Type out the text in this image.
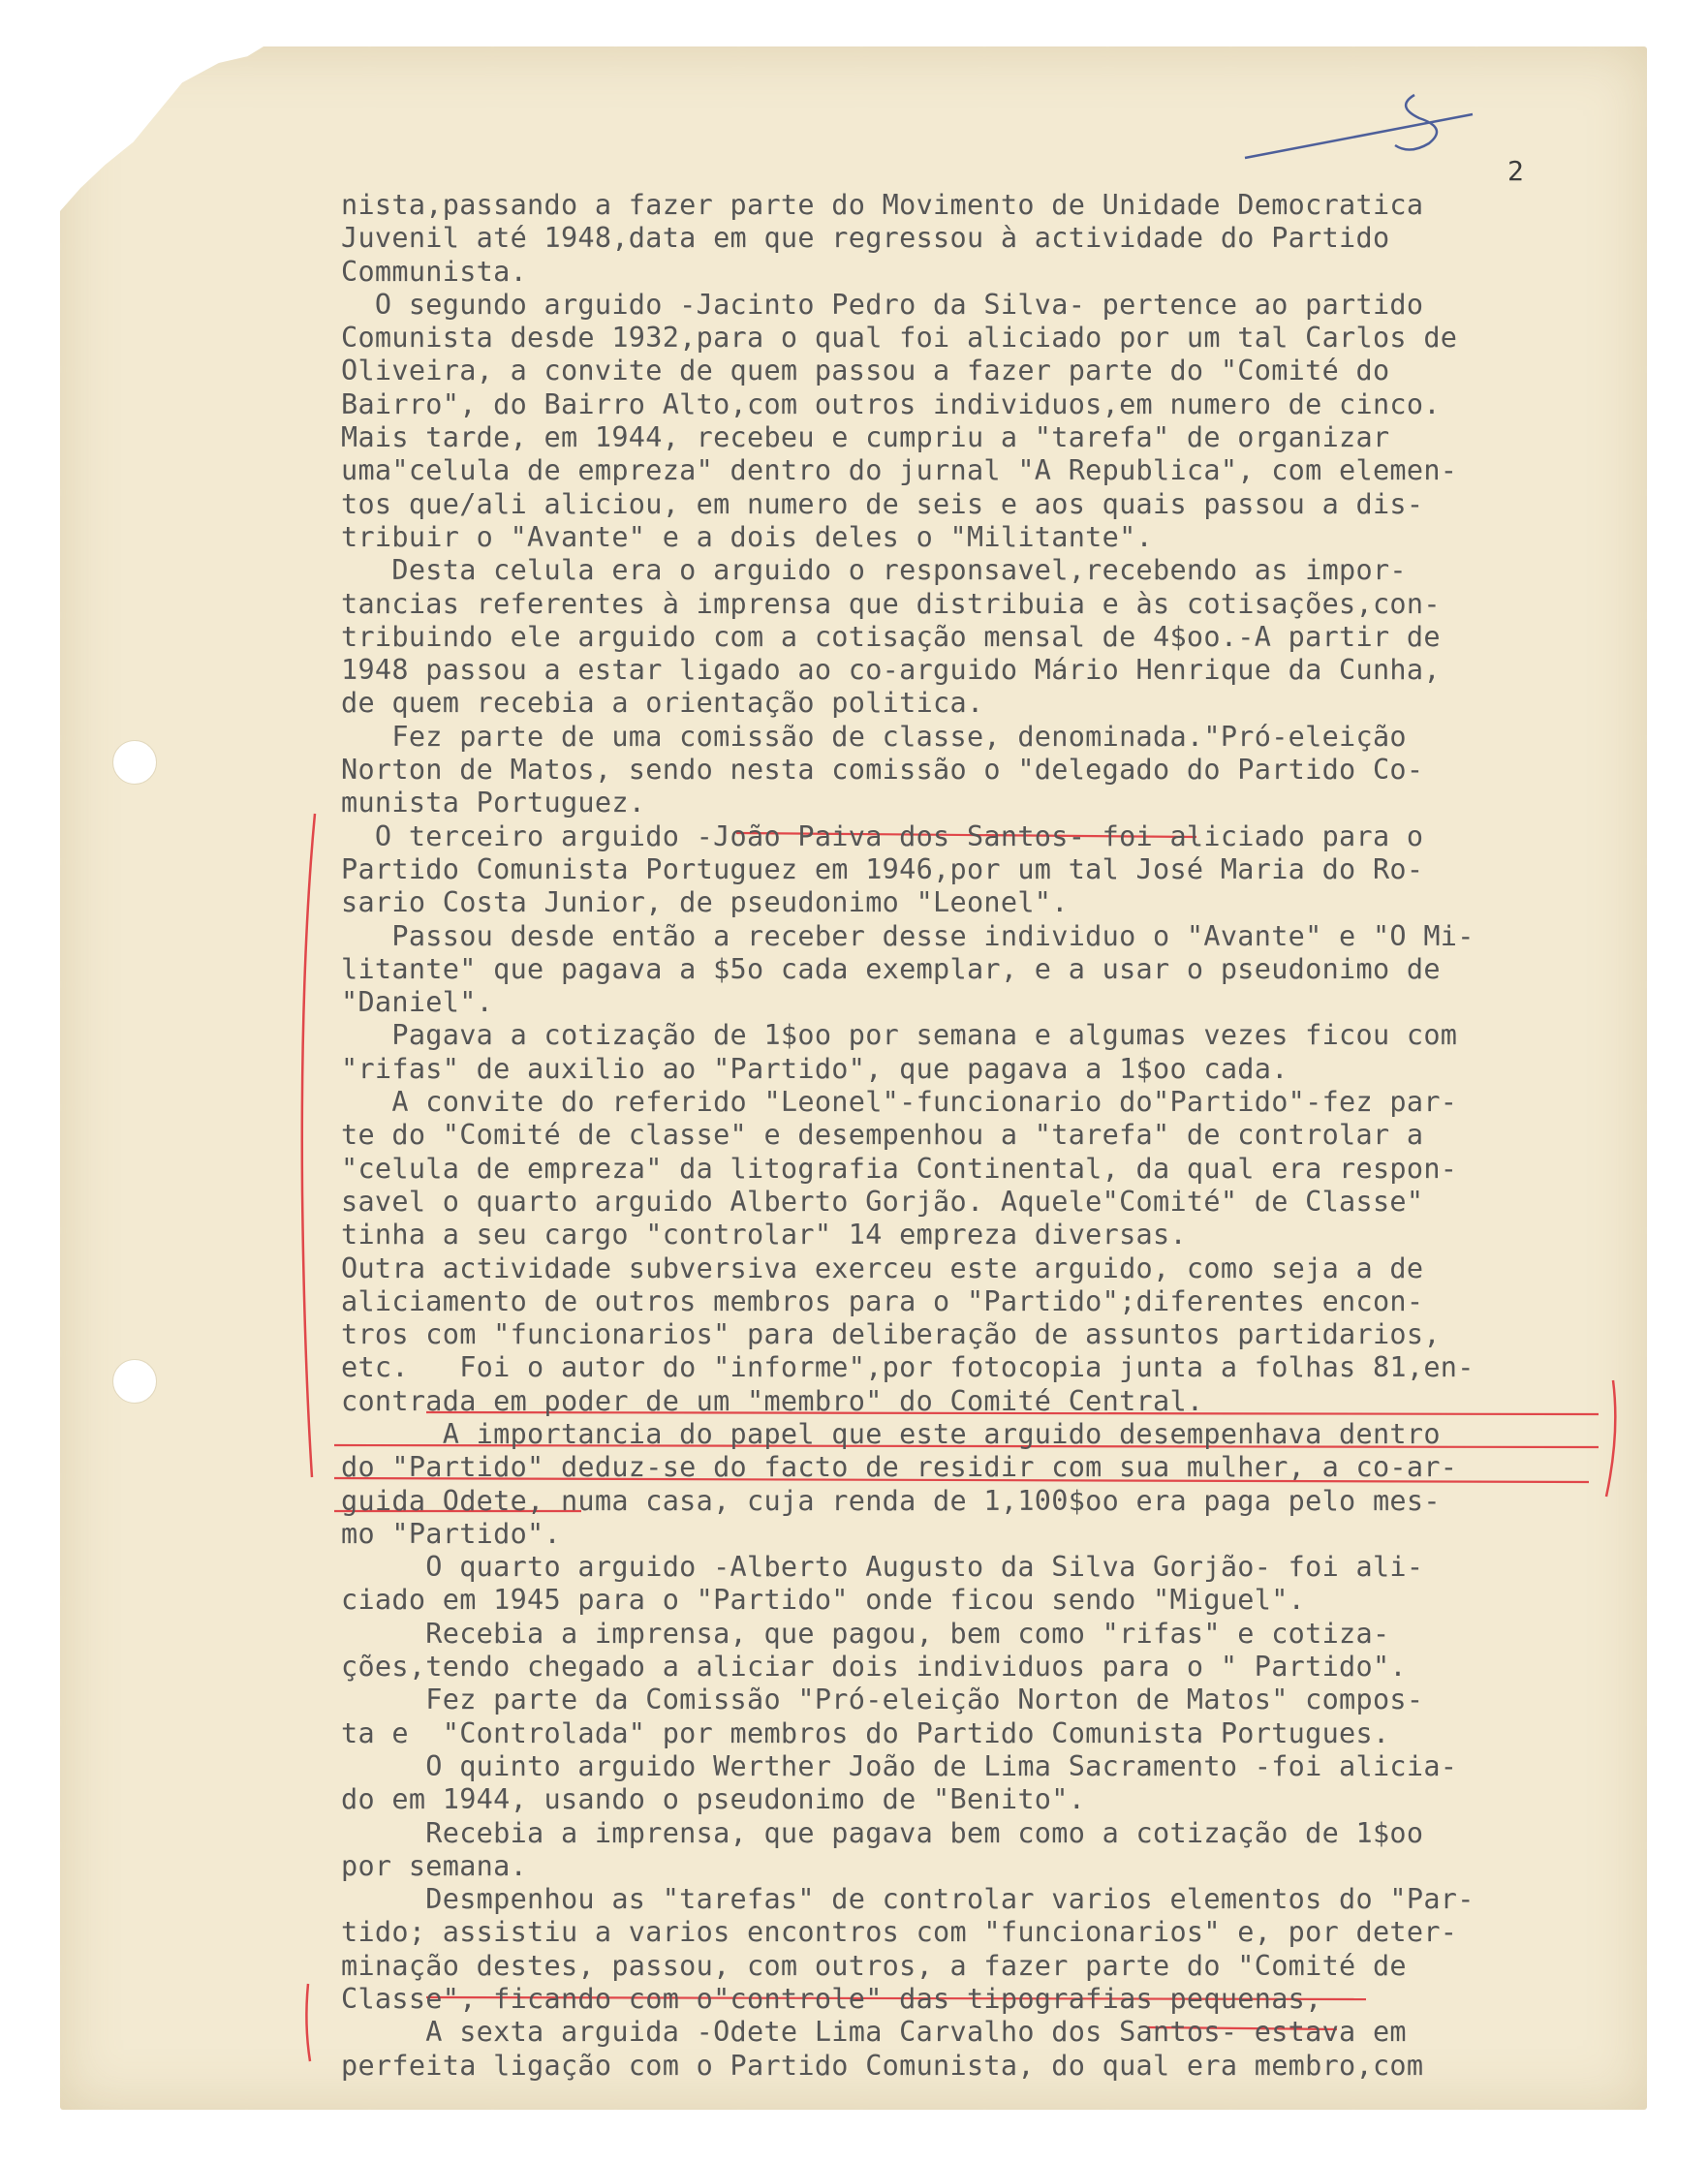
2
nista,passando a fazer parte do Movimento de Unidade Democratica
Juvenil até 1948,data em que regressou à actividade do Partido
Communista.
O segundo arguido -Jacinto Pedro da Silva- pertence ao partido
Comunista desde 1932,para o qual foi aliciado por um tal Carlos de
Oliveira, a convite de quem passou a fazer parte do "Comité do
Bairro", do Bairro Alto,com outros individuos,em numero de cinco.
Mais tarde, em 1944, recebeu e cumpriu a "tarefa" de organizar
uma"celula de empreza" dentro do jurnal "A Republica", com elemen-
tos que/ali aliciou, em numero de seis e aos quais passou a dis-
tribuir o "Avante" e a dois deles o "Militante".
Desta celula era o arguido o responsavel,recebendo as impor-
tancias referentes à imprensa que distribuia e às cotisações,con-
tribuindo ele arguido com a cotisação mensal de 4$oo.-A partir de
1948 passou a estar ligado ao co-arguido Mário Henrique da Cunha,
de quem recebia a orientação politica.
Fez parte de uma comissão de classe, denominada."Pró-eleição
Norton de Matos, sendo nesta comissão o "delegado do Partido Co-
munista Portuguez.
O terceiro arguido -João Paiva dos Santos- foi aliciado para o
Partido Comunista Portuguez em 1946,por um tal José Maria do Ro-
sario Costa Junior, de pseudonimo "Leonel".
Passou desde então a receber desse individuo o "Avante" e "O Mi-
litante" que pagava a $5o cada exemplar, e a usar o pseudonimo de
"Daniel".
Pagava a cotização de 1$oo por semana e algumas vezes ficou com
"rifas" de auxilio ao "Partido", que pagava a 1$oo cada.
A convite do referido "Leonel"-funcionario do"Partido"-fez par-
te do "Comité de classe" e desempenhou a "tarefa" de controlar a
"celula de empreza" da litografia Continental, da qual era respon-
savel o quarto arguido Alberto Gorjão. Aquele"Comité" de Classe"
tinha a seu cargo "controlar" 14 empreza diversas.
Outra actividade subversiva exerceu este arguido, como seja a de
aliciamento de outros membros para o "Partido";diferentes encon-
tros com "funcionarios" para deliberação de assuntos partidarios,
etc.   Foi o autor do "informe",por fotocopia junta a folhas 81,en-
contrada em poder de um "membro" do Comité Central.
A importancia do papel que este arguido desempenhava dentro
do "Partido" deduz-se do facto de residir com sua mulher, a co-ar-
guida Odete, numa casa, cuja renda de 1,100$oo era paga pelo mes-
mo "Partido".
O quarto arguido -Alberto Augusto da Silva Gorjão- foi ali-
ciado em 1945 para o "Partido" onde ficou sendo "Miguel".
Recebia a imprensa, que pagou, bem como "rifas" e cotiza-
ções,tendo chegado a aliciar dois individuos para o " Partido".
Fez parte da Comissão "Pró-eleição Norton de Matos" compos-
ta e  "Controlada" por membros do Partido Comunista Portugues.
O quinto arguido Werther João de Lima Sacramento -foi alicia-
do em 1944, usando o pseudonimo de "Benito".
Recebia a imprensa, que pagava bem como a cotização de 1$oo
por semana.
Desmpenhou as "tarefas" de controlar varios elementos do "Par-
tido; assistiu a varios encontros com "funcionarios" e, por deter-
minação destes, passou, com outros, a fazer parte do "Comité de
Classe", ficando com o"controle" das tipografias pequenas,
A sexta arguida -Odete Lima Carvalho dos Santos- estava em
perfeita ligação com o Partido Comunista, do qual era membro,com
